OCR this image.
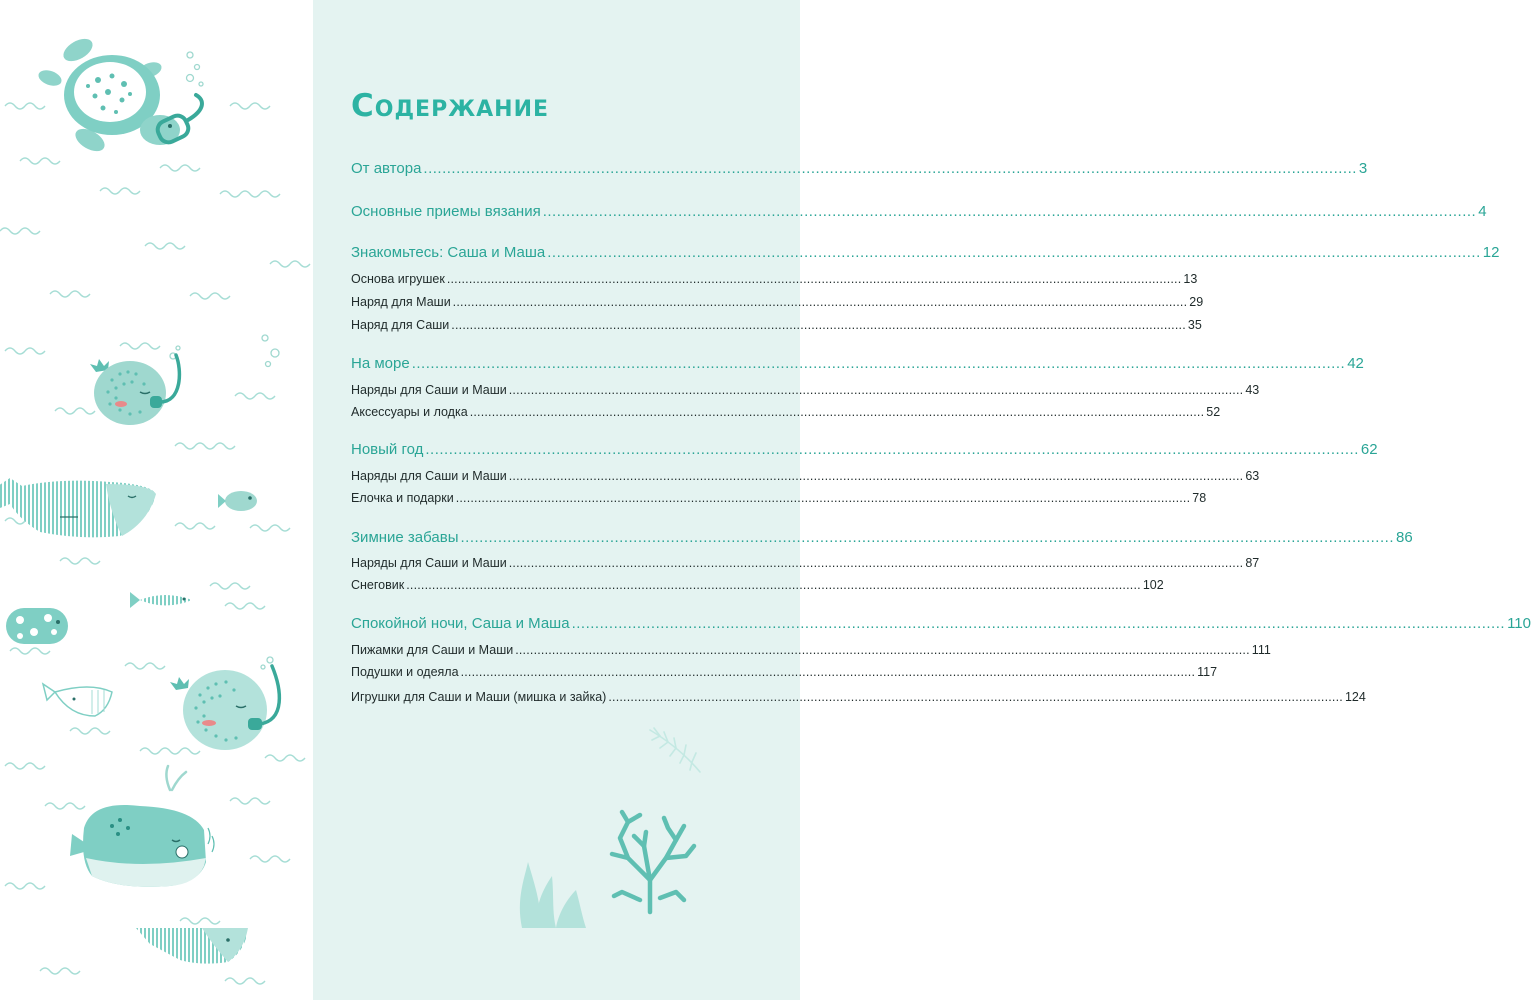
Содержание
От автора ........................................................................................................................................................................................................ 3
Основные приемы вязания ........................................................................................................................................................................................................ 4
Знакомьтесь: Саша и Маша ........................................................................................................................................................................................................ 12
Основа игрушек ........................................................................................................................................................................................................ 13
Наряд для Маши ........................................................................................................................................................................................................ 29
Наряд для Саши ........................................................................................................................................................................................................ 35
На море ........................................................................................................................................................................................................ 42
Наряды для Саши и Маши ........................................................................................................................................................................................................ 43
Аксессуары и лодка ........................................................................................................................................................................................................ 52
Новый год ........................................................................................................................................................................................................ 62
Наряды для Саши и Маши ........................................................................................................................................................................................................ 63
Елочка и подарки ........................................................................................................................................................................................................ 78
Зимние забавы ........................................................................................................................................................................................................ 86
Наряды для Саши и Маши ........................................................................................................................................................................................................ 87
Снеговик ........................................................................................................................................................................................................ 102
Спокойной ночи, Саша и Маша ........................................................................................................................................................................................................ 110
Пижамки для Саши и Маши ........................................................................................................................................................................................................ 111
Подушки и одеяла ........................................................................................................................................................................................................ 117
Игрушки для Саши и Маши (мишка и зайка) ........................................................................................................................................................................................................ 124
